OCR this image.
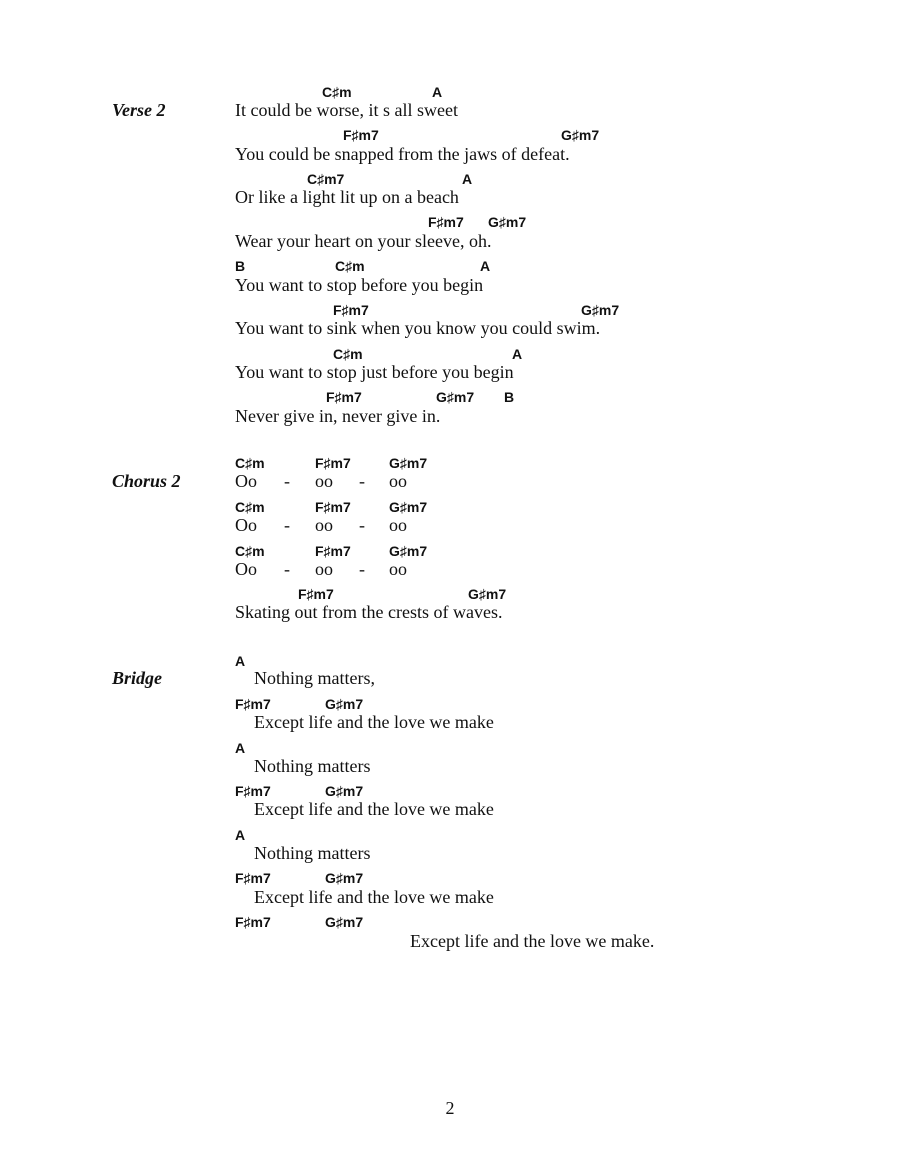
Verse 2
C♯m	A
It could be worse, it s all sweet
F♯m7	G♯m7
You could be snapped from the jaws of defeat.
C♯m7	A
Or like a light lit up on a beach
F♯m7 G♯m7
Wear your heart on your sleeve, oh.
B	C♯m	A
You want to stop before you begin
F♯m7	G♯m7
You want to sink when you know you could swim.
C♯m	A
You want to stop just before you begin
F♯m7	G♯m7 B
Never give in, never give in.
Chorus 2
C♯m	F♯m7	G♯m7
Oo - oo - oo
C♯m	F♯m7	G♯m7
Oo - oo - oo
C♯m	F♯m7	G♯m7
Oo - oo - oo
F♯m7	G♯m7
Skating out from the crests of waves.
Bridge
A
Nothing matters,
F♯m7	G♯m7
Except life and the love we make
A
Nothing matters
F♯m7	G♯m7
Except life and the love we make
A
Nothing matters
F♯m7	G♯m7
Except life and the love we make
F♯m7	G♯m7
Except life and the love we make.
2
